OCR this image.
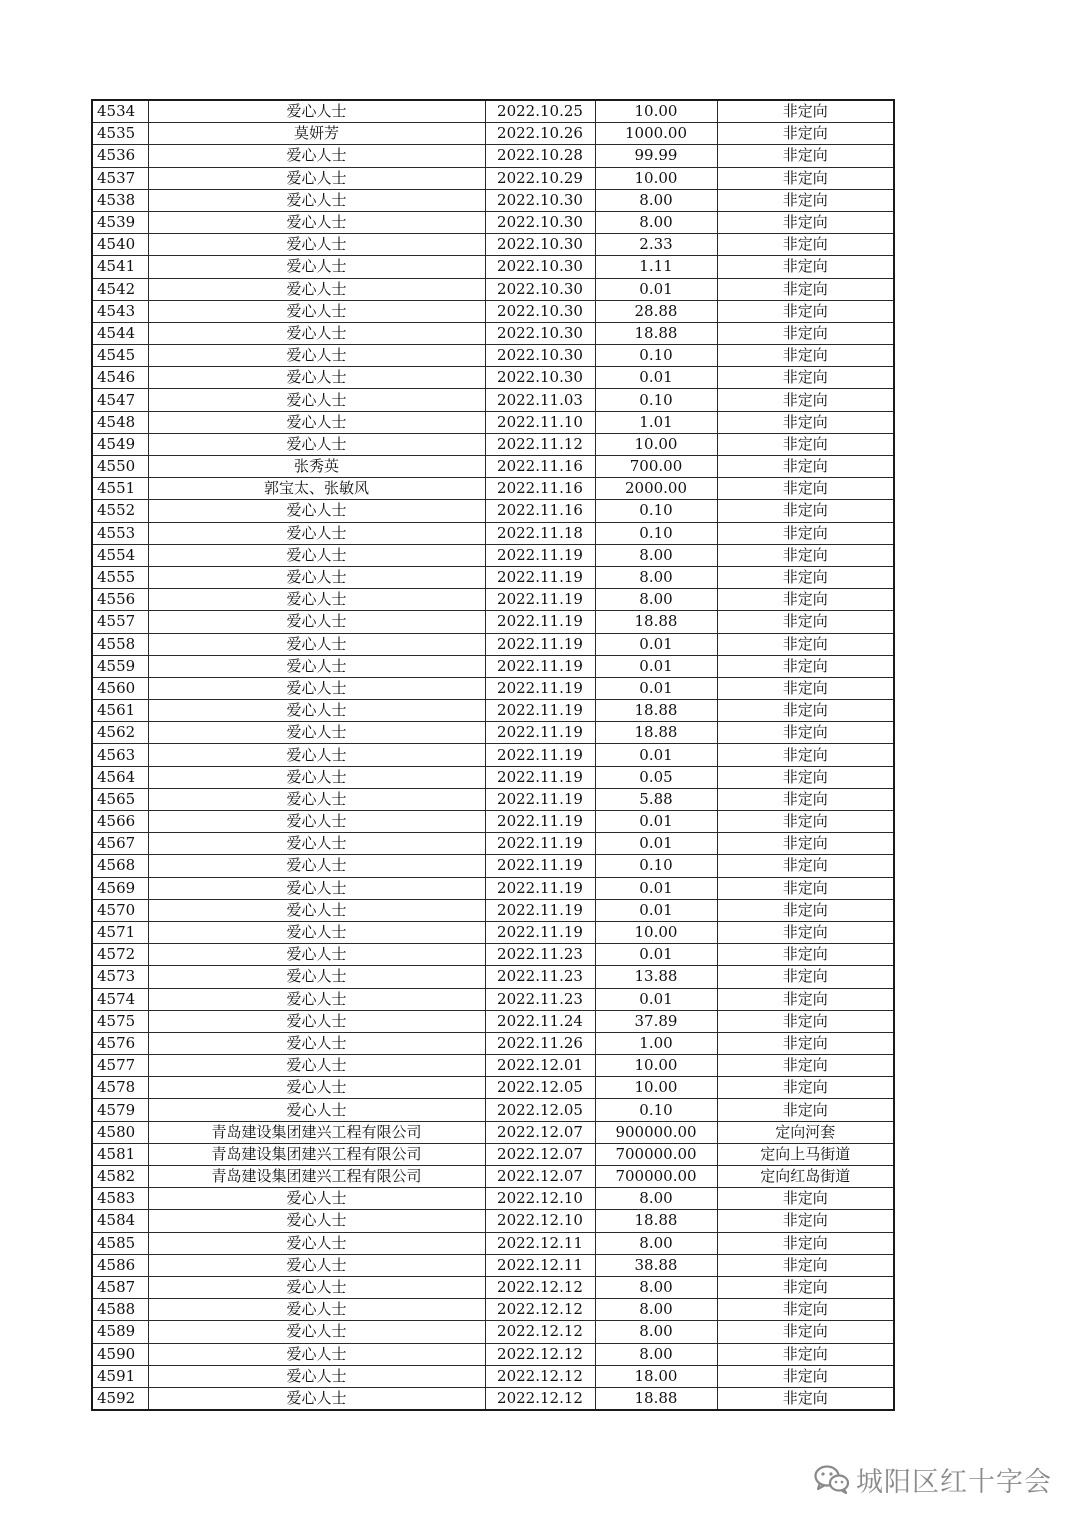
4534	爱心人士	2022.10.25	10.00	非定向
4535	莫妍芳	2022.10.26	1000.00	非定向
4536	爱心人士	2022.10.28	99.99	非定向
4537	爱心人士	2022.10.29	10.00	非定向
4538	爱心人士	2022.10.30	8.00	非定向
4539	爱心人士	2022.10.30	8.00	非定向
4540	爱心人士	2022.10.30	2.33	非定向
4541	爱心人士	2022.10.30	1.11	非定向
4542	爱心人士	2022.10.30	0.01	非定向
4543	爱心人士	2022.10.30	28.88	非定向
4544	爱心人士	2022.10.30	18.88	非定向
4545	爱心人士	2022.10.30	0.10	非定向
4546	爱心人士	2022.10.30	0.01	非定向
4547	爱心人士	2022.11.03	0.10	非定向
4548	爱心人士	2022.11.10	1.01	非定向
4549	爱心人士	2022.11.12	10.00	非定向
4550	张秀英	2022.11.16	700.00	非定向
4551	郭宝太、张敏风	2022.11.16	2000.00	非定向
4552	爱心人士	2022.11.16	0.10	非定向
4553	爱心人士	2022.11.18	0.10	非定向
4554	爱心人士	2022.11.19	8.00	非定向
4555	爱心人士	2022.11.19	8.00	非定向
4556	爱心人士	2022.11.19	8.00	非定向
4557	爱心人士	2022.11.19	18.88	非定向
4558	爱心人士	2022.11.19	0.01	非定向
4559	爱心人士	2022.11.19	0.01	非定向
4560	爱心人士	2022.11.19	0.01	非定向
4561	爱心人士	2022.11.19	18.88	非定向
4562	爱心人士	2022.11.19	18.88	非定向
4563	爱心人士	2022.11.19	0.01	非定向
4564	爱心人士	2022.11.19	0.05	非定向
4565	爱心人士	2022.11.19	5.88	非定向
4566	爱心人士	2022.11.19	0.01	非定向
4567	爱心人士	2022.11.19	0.01	非定向
4568	爱心人士	2022.11.19	0.10	非定向
4569	爱心人士	2022.11.19	0.01	非定向
4570	爱心人士	2022.11.19	0.01	非定向
4571	爱心人士	2022.11.19	10.00	非定向
4572	爱心人士	2022.11.23	0.01	非定向
4573	爱心人士	2022.11.23	13.88	非定向
4574	爱心人士	2022.11.23	0.01	非定向
4575	爱心人士	2022.11.24	37.89	非定向
4576	爱心人士	2022.11.26	1.00	非定向
4577	爱心人士	2022.12.01	10.00	非定向
4578	爱心人士	2022.12.05	10.00	非定向
4579	爱心人士	2022.12.05	0.10	非定向
4580	青岛建设集团建兴工程有限公司	2022.12.07	900000.00	定向河套
4581	青岛建设集团建兴工程有限公司	2022.12.07	700000.00	定向上马街道
4582	青岛建设集团建兴工程有限公司	2022.12.07	700000.00	定向红岛街道
4583	爱心人士	2022.12.10	8.00	非定向
4584	爱心人士	2022.12.10	18.88	非定向
4585	爱心人士	2022.12.11	8.00	非定向
4586	爱心人士	2022.12.11	38.88	非定向
4587	爱心人士	2022.12.12	8.00	非定向
4588	爱心人士	2022.12.12	8.00	非定向
4589	爱心人士	2022.12.12	8.00	非定向
4590	爱心人士	2022.12.12	8.00	非定向
4591	爱心人士	2022.12.12	18.00	非定向
4592	爱心人士	2022.12.12	18.88	非定向
城阳区红十字会
